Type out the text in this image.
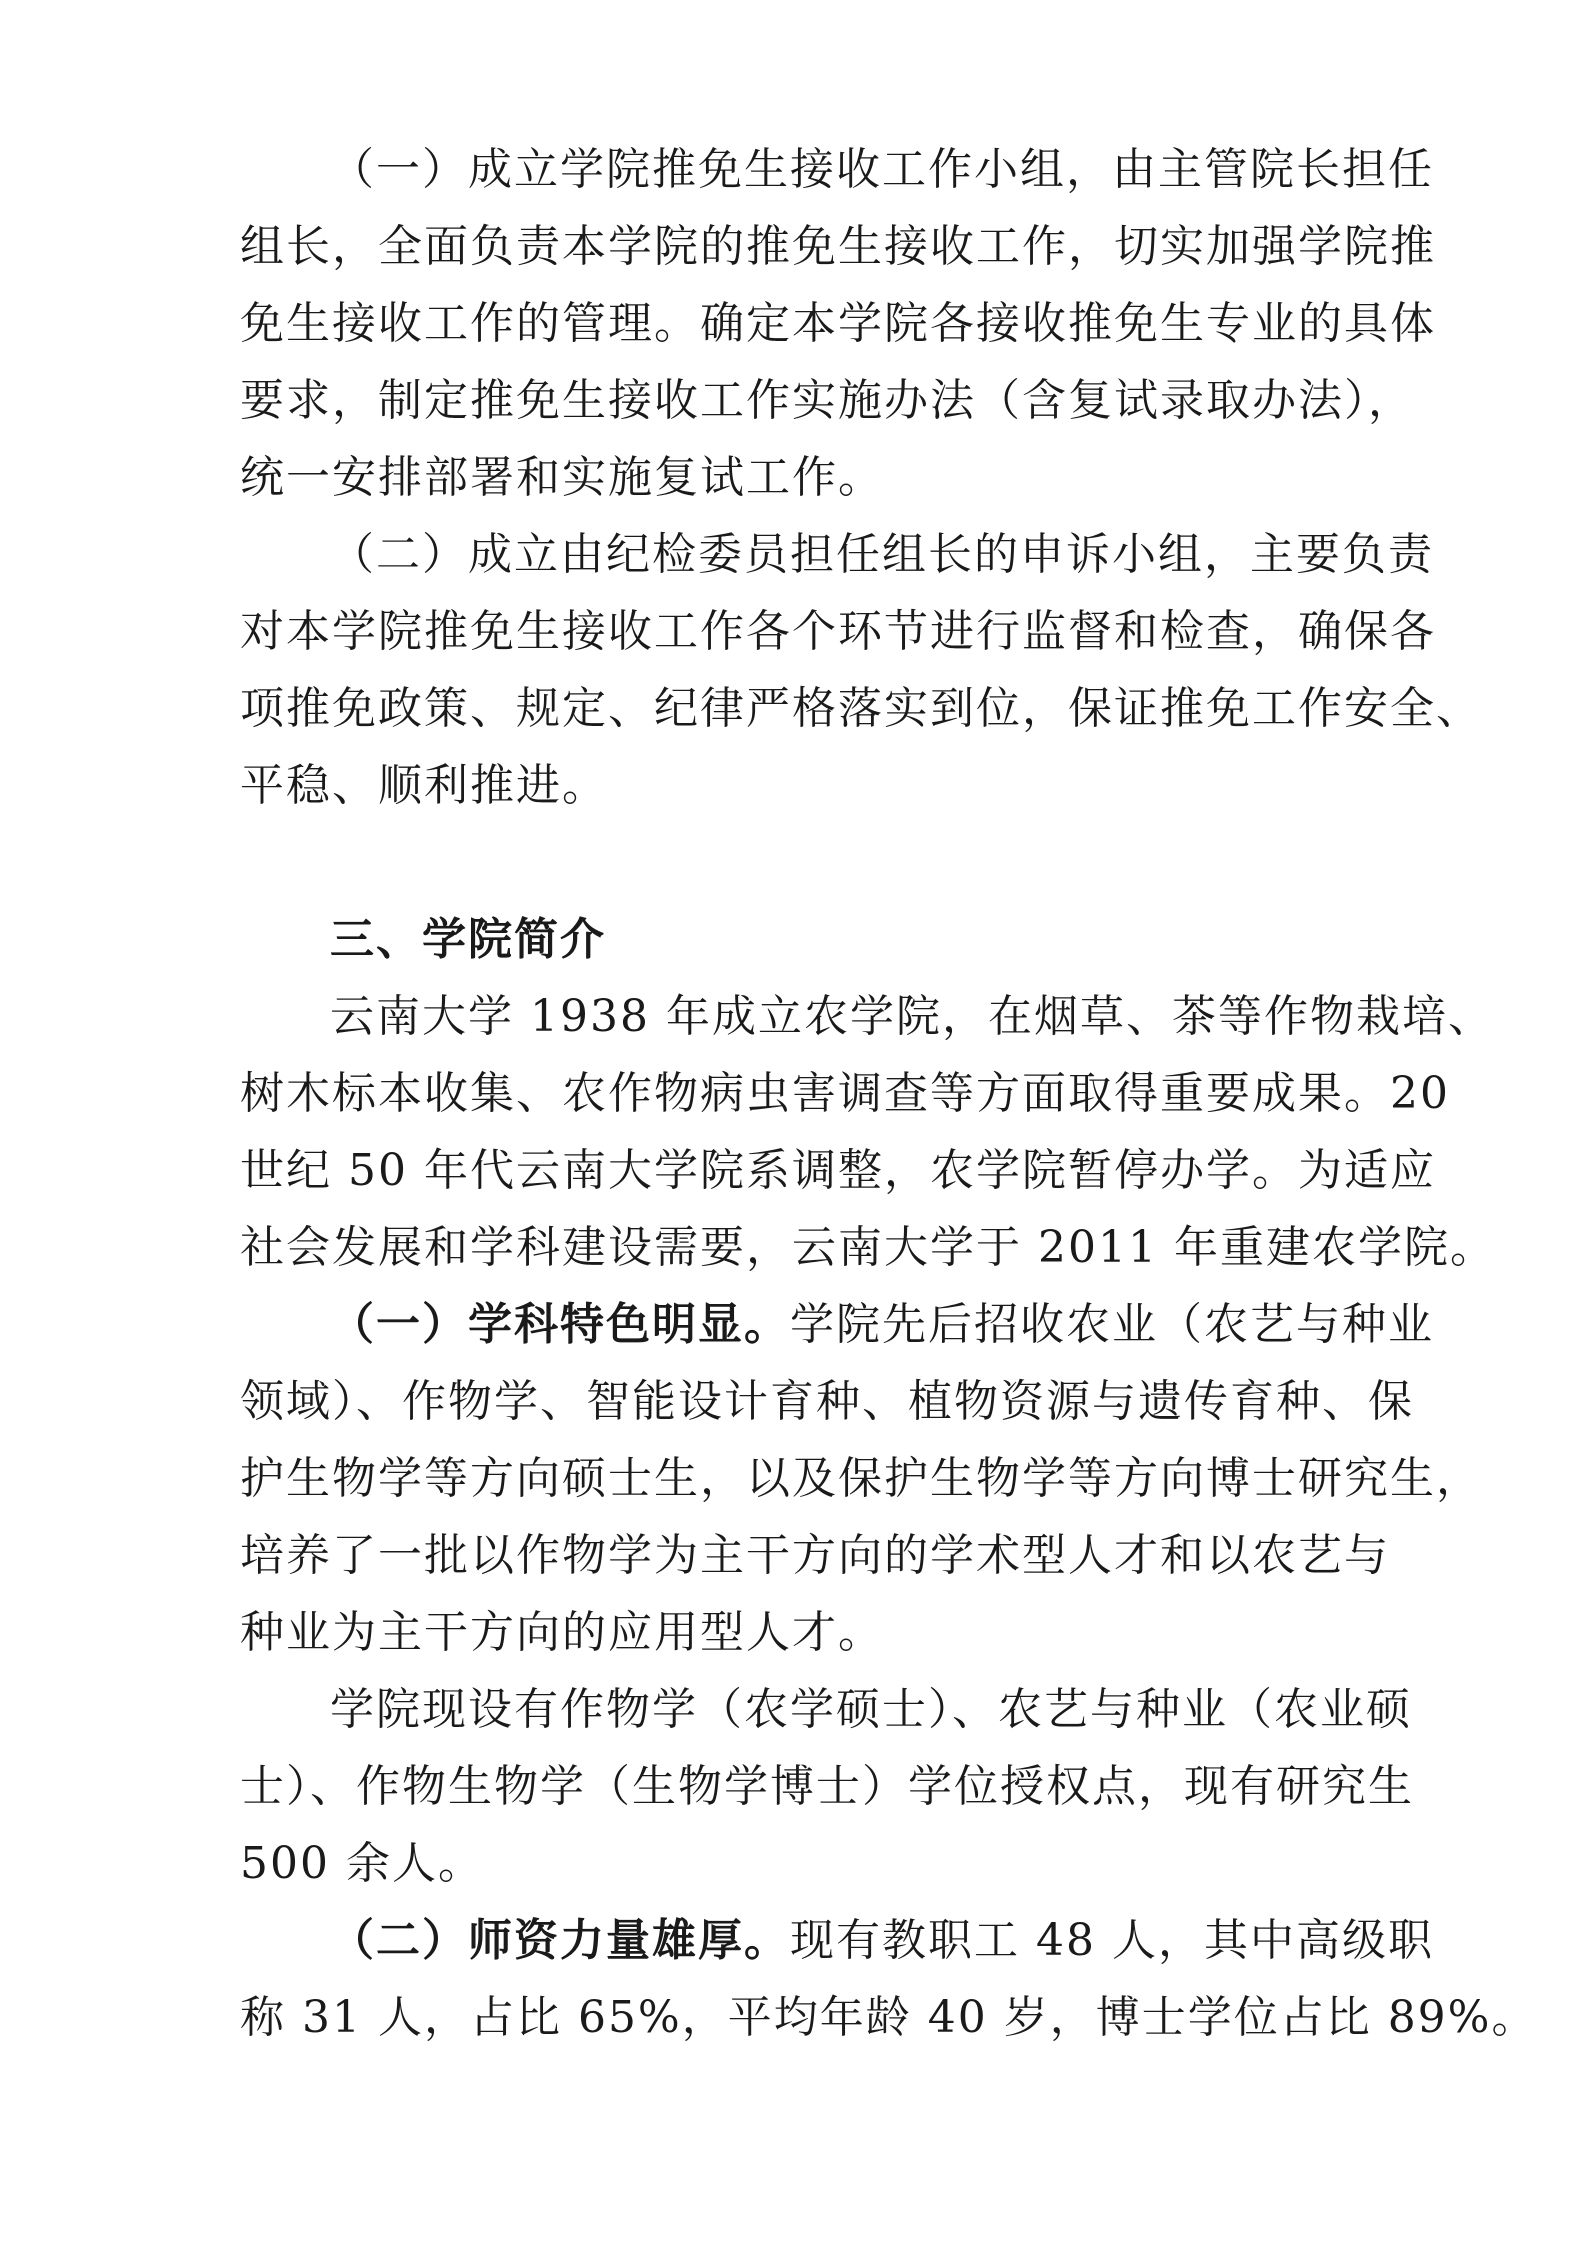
（一）成立学院推免生接收工作小组，由主管院长担任
组长，全面负责本学院的推免生接收工作，切实加强学院推
免生接收工作的管理。确定本学院各接收推免生专业的具体
要求，制定推免生接收工作实施办法（含复试录取办法），
统一安排部署和实施复试工作。
（二）成立由纪检委员担任组长的申诉小组，主要负责
对本学院推免生接收工作各个环节进行监督和检查，确保各
项推免政策、规定、纪律严格落实到位，保证推免工作安全、
平稳、顺利推进。
三、学院简介
云南大学 1938 年成立农学院，在烟草、茶等作物栽培、
树木标本收集、农作物病虫害调查等方面取得重要成果。20
世纪 50 年代云南大学院系调整，农学院暂停办学。为适应
社会发展和学科建设需要，云南大学于 2011 年重建农学院。
（一）学科特色明显。学院先后招收农业（农艺与种业
领域）、作物学、智能设计育种、植物资源与遗传育种、保
护生物学等方向硕士生，以及保护生物学等方向博士研究生，
培养了一批以作物学为主干方向的学术型人才和以农艺与
种业为主干方向的应用型人才。
学院现设有作物学（农学硕士）、农艺与种业（农业硕
士）、作物生物学（生物学博士）学位授权点，现有研究生
500 余人。
（二）师资力量雄厚。现有教职工 48 人，其中高级职
称 31 人，占比 65%，平均年龄 40 岁，博士学位占比 89%。
